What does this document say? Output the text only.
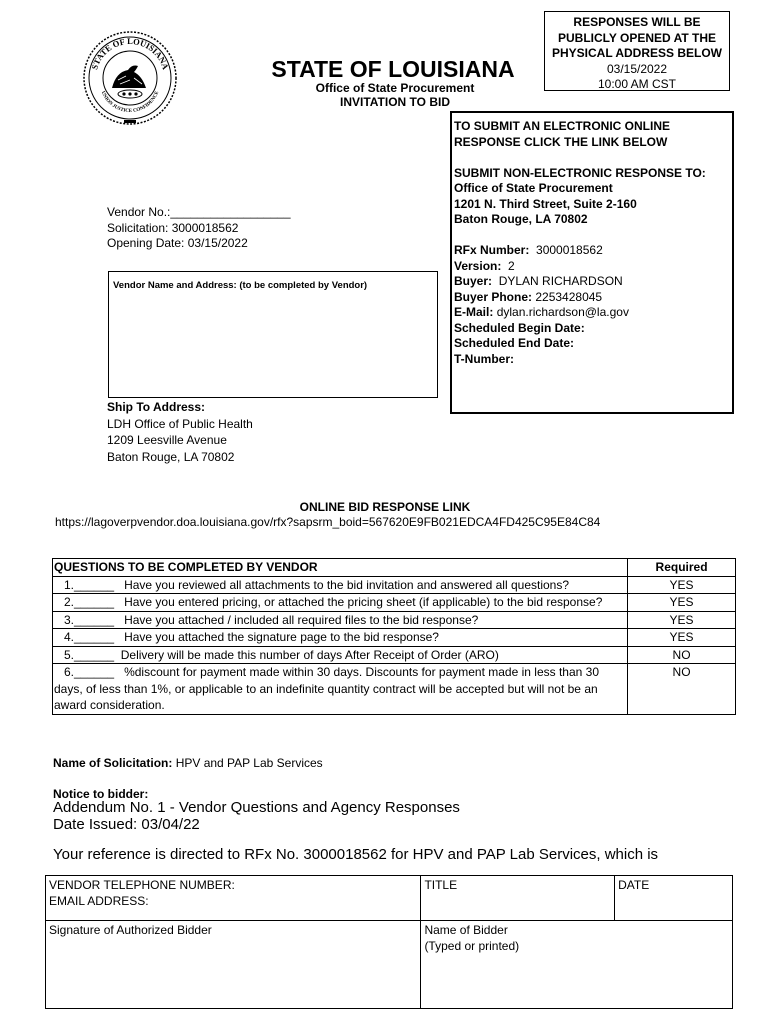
STATE OF LOUISIANA
UNION JUSTICE CONFIDENCE
RESPONSES WILL BE
PUBLICLY OPENED AT THE
PHYSICAL ADDRESS BELOW
03/15/2022
10:00 AM CST
STATE OF LOUISIANA
Office of State Procurement
INVITATION TO BID
TO SUBMIT AN ELECTRONIC ONLINE
RESPONSE CLICK THE LINK BELOW
SUBMIT NON-ELECTRONIC RESPONSE TO:
Office of State Procurement
1201 N. Third Street, Suite 2-160
Baton Rouge, LA 70802
RFx Number: 3000018562
Version: 2
Buyer: DYLAN RICHARDSON
Buyer Phone: 2253428045
E-Mail: dylan.richardson@la.gov
Scheduled Begin Date:
Scheduled End Date:
T-Number:
Vendor No.:__________________
Solicitation: 3000018562
Opening Date: 03/15/2022
Vendor Name and Address: (to be completed by Vendor)
Ship To Address:
LDH Office of Public Health
1209 Leesville Avenue
Baton Rouge, LA 70802
ONLINE BID RESPONSE LINK
https://lagoverpvendor.doa.louisiana.gov/rfx?sapsrm_boid=567620E9FB021EDCA4FD425C95E84C84
QUESTIONS TO BE COMPLETED BY VENDOR	Required
1.______ Have you reviewed all attachments to the bid invitation and answered all questions?	YES
2.______ Have you entered pricing, or attached the pricing sheet (if applicable) to the bid response?	YES
3.______ Have you attached / included all required files to the bid response?	YES
4.______ Have you attached the signature page to the bid response?	YES
5.______ Delivery will be made this number of days After Receipt of Order (ARO)	NO
6.______ %discount for payment made within 30 days. Discounts for payment made in less than 30 days, of less than 1%, or applicable to an indefinite quantity contract will be accepted but will not be an award consideration.	NO
Name of Solicitation: HPV and PAP Lab Services
Notice to bidder:
Addendum No. 1 - Vendor Questions and Agency Responses
Date Issued: 03/04/22
Your reference is directed to RFx No. 3000018562 for HPV and PAP Lab Services, which is
VENDOR TELEPHONE NUMBER:
EMAIL ADDRESS:	TITLE	DATE

Signature of Authorized Bidder	Name of Bidder
(Typed or printed)	
